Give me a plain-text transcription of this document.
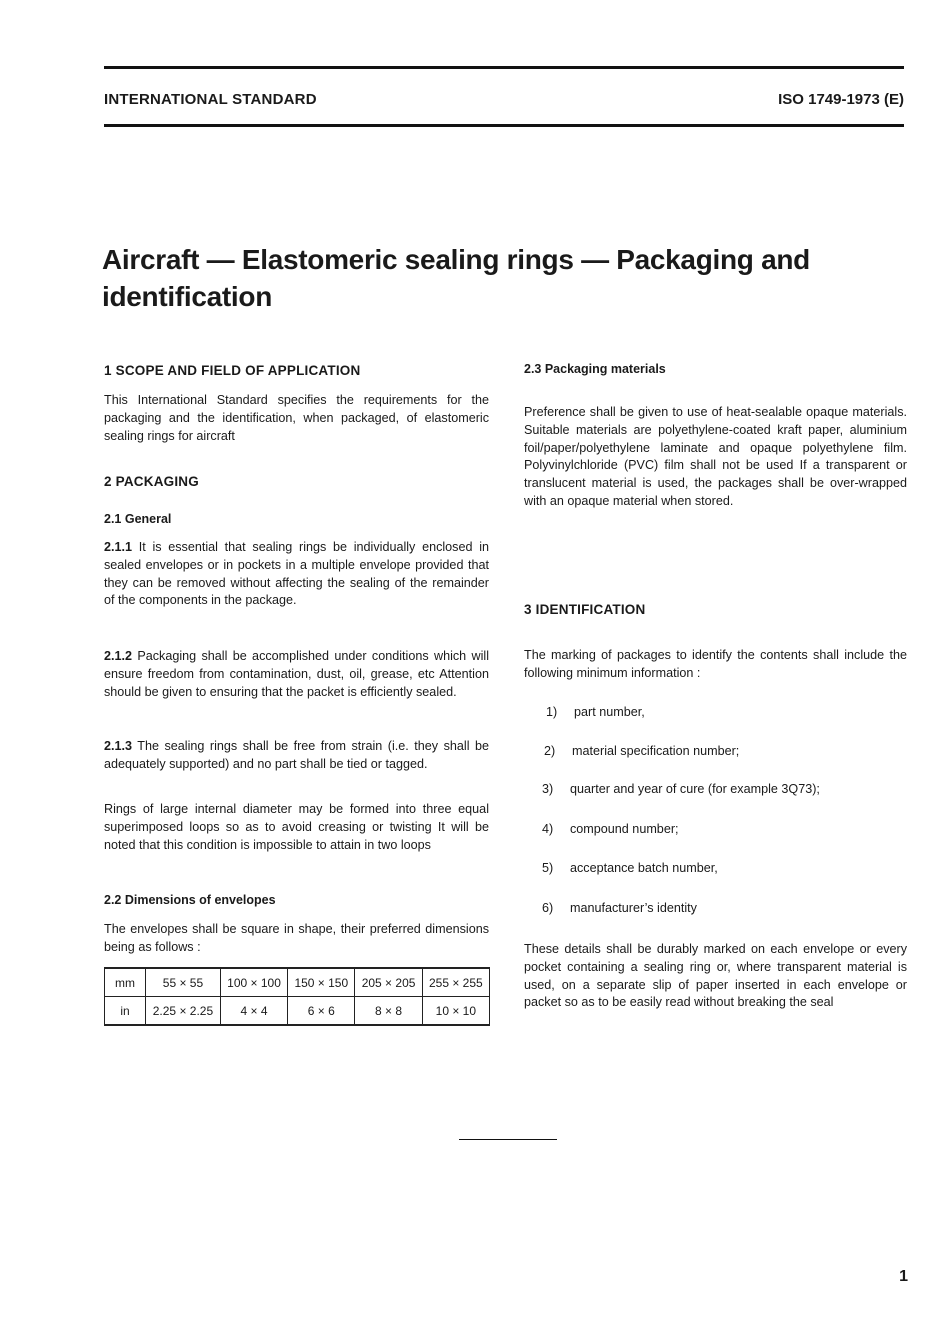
INTERNATIONAL STANDARD	ISO 1749-1973 (E)
Aircraft — Elastomeric sealing rings — Packaging and
identification
1 SCOPE AND FIELD OF APPLICATION

This International Standard specifies the requirements for the packaging and the identification, when packaged, of elastomeric sealing rings for aircraft

2 PACKAGING
2.1 General

2.1.1 It is essential that sealing rings be individually enclosed in sealed envelopes or in pockets in a multiple envelope provided that they can be removed without affecting the sealing of the remainder of the components in the package.

2.1.2 Packaging shall be accomplished under conditions which will ensure freedom from contamination, dust, oil, grease, etc Attention should be given to ensuring that the packet is efficiently sealed.

2.1.3 The sealing rings shall be free from strain (i.e. they shall be adequately supported) and no part shall be tied or tagged.

Rings of large internal diameter may be formed into three equal superimposed loops so as to avoid creasing or twisting It will be noted that this condition is impossible to attain in two loops

2.2 Dimensions of envelopes

The envelopes shall be square in shape, their preferred dimensions being as follows :

mm	55 × 55	100 × 100	150 × 150	205 × 205	255 × 255
in	2.25 × 2.25	4 × 4	6 × 6	8 × 8	10 × 10
2.3 Packaging materials

Preference shall be given to use of heat-sealable opaque materials. Suitable materials are polyethylene-coated kraft paper, aluminium foil/paper/polyethylene laminate and opaque polyethylene film. Polyvinylchloride (PVC) film shall not be used If a transparent or translucent material is used, the packages shall be over-wrapped with an opaque material when stored.

3 IDENTIFICATION

The marking of packages to identify the contents shall include the following minimum information :

1) part number,
2) material specification number;
3) quarter and year of cure (for example 3Q73);
4) compound number;
5) acceptance batch number,
6) manufacturer’s identity

These details shall be durably marked on each envelope or every pocket containing a sealing ring or, where transparent material is used, on a separate slip of paper inserted in each envelope or packet so as to be easily read without breaking the seal

1
